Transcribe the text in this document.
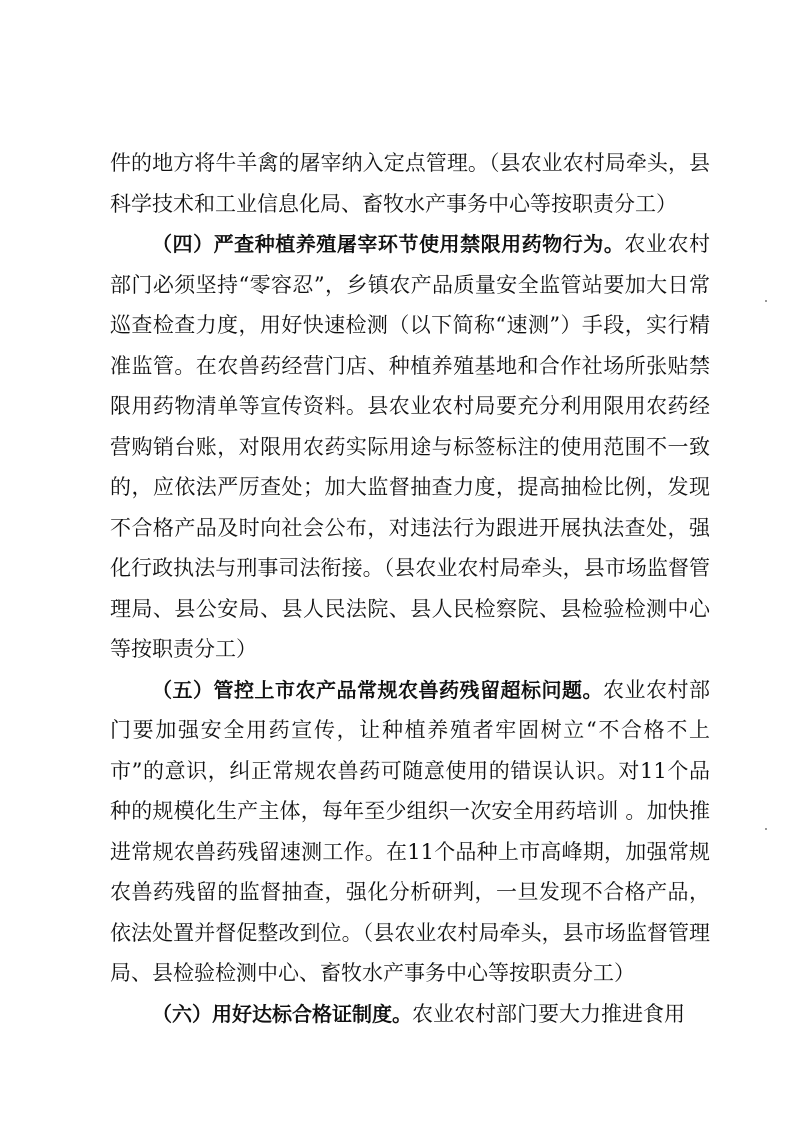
件的地方将牛羊禽的屠宰纳入定点管理。（县农业农村局牵头，县科学技术和工业信息化局、畜牧水产事务中心等按职责分工）

（四）严查种植养殖屠宰环节使用禁限用药物行为。农业农村部门必须坚持“零容忍”，乡镇农产品质量安全监管站要加大日常巡查检查力度，用好快速检测（以下简称“速测”）手段，实行精准监管。在农兽药经营门店、种植养殖基地和合作社场所张贴禁限用药物清单等宣传资料。县农业农村局要充分利用限用农药经营购销台账，对限用农药实际用途与标签标注的使用范围不一致的，应依法严厉查处；加大监督抽查力度，提高抽检比例，发现不合格产品及时向社会公布，对违法行为跟进开展执法查处，强化行政执法与刑事司法衔接。（县农业农村局牵头，县市场监督管理局、县公安局、县人民法院、县人民检察院、县检验检测中心等按职责分工）

（五）管控上市农产品常规农兽药残留超标问题。农业农村部门要加强安全用药宣传，让种植养殖者牢固树立“不合格不上市”的意识，纠正常规农兽药可随意使用的错误认识。对11个品种的规模化生产主体，每年至少组织一次安全用药培训 。加快推进常规农兽药残留速测工作。在11个品种上市高峰期，加强常规农兽药残留的监督抽查，强化分析研判，一旦发现不合格产品，依法处置并督促整改到位。（县农业农村局牵头，县市场监督管理局、县检验检测中心、畜牧水产事务中心等按职责分工）

（六）用好达标合格证制度。农业农村部门要大力推进食用
